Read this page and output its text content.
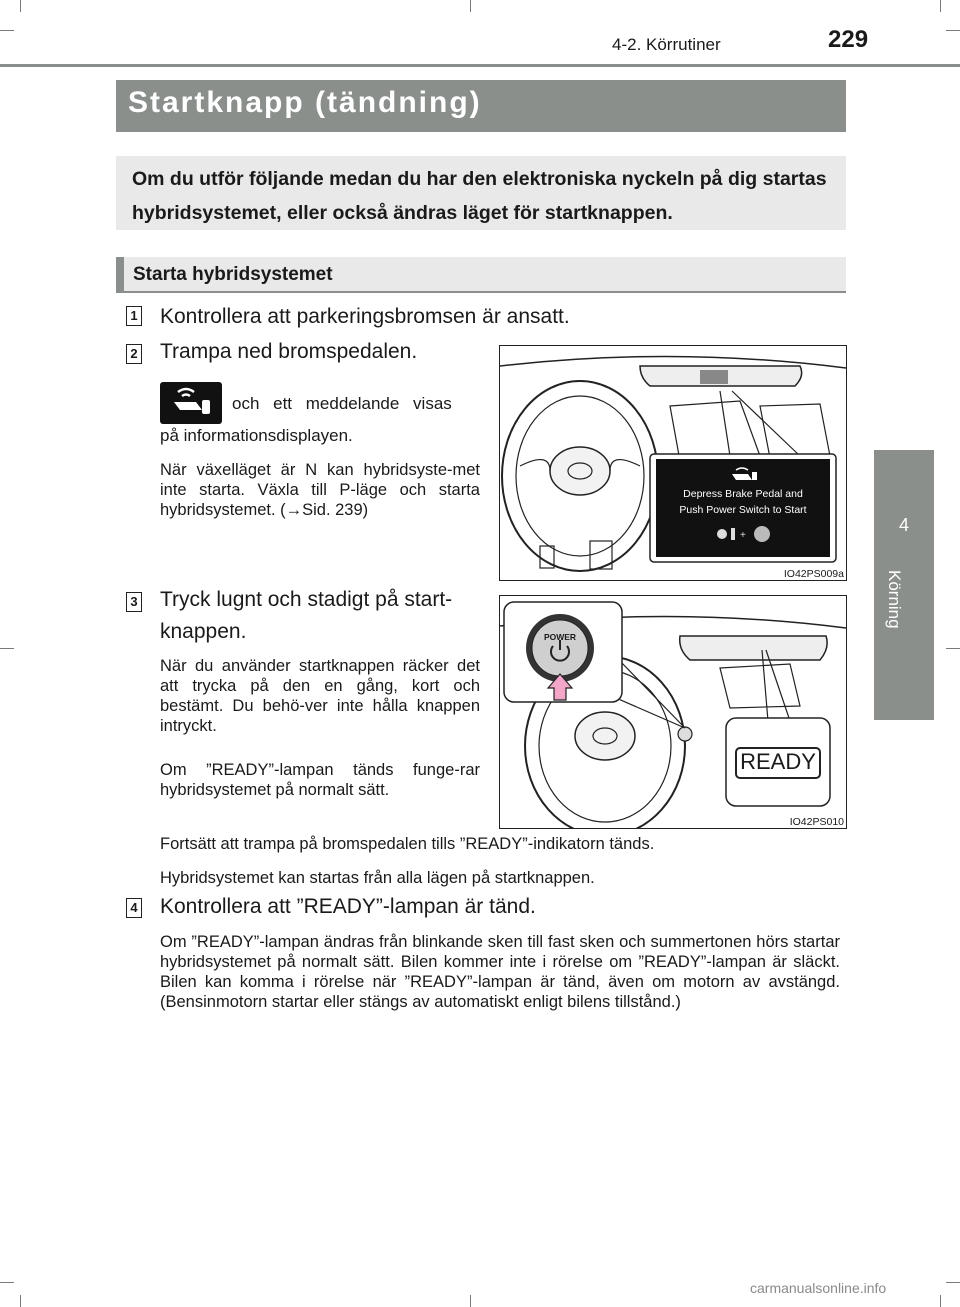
4-2. Körrutiner	229
4
Körning
Startknapp (tändning)
Om du utför följande medan du har den elektroniska nyckeln på dig startas hybridsystemet, eller också ändras läget för startknappen.
Starta hybridsystemet
1 Kontrollera att parkeringsbromsen är ansatt.
2 Trampa ned bromspedalen.
och ett meddelande visas
på informationsdisplayen.
När växelläget är N kan hybridsyste-met inte starta. Växla till P-läge och starta hybridsystemet. (→Sid. 239)
+
Depress Brake Pedal and
Push Power Switch to Start
IO42PS009a
3 Tryck lugnt och stadigt på start-
knappen.
När du använder startknappen räcker det att trycka på den en gång, kort och bestämt. Du behö-ver inte hålla knappen intryckt.
Om ”READY”-lampan tänds funge-rar hybridsystemet på normalt sätt.
Fortsätt att trampa på bromspedalen tills ”READY”-indikatorn tänds.
Hybridsystemet kan startas från alla lägen på startknappen.
POWER
READY
IO42PS010
4 Kontrollera att ”READY”-lampan är tänd.
Om ”READY”-lampan ändras från blinkande sken till fast sken och summertonen hörs startar hybridsystemet på normalt sätt. Bilen kommer inte i rörelse om ”READY”-lampan är släckt. Bilen kan komma i rörelse när ”READY”-lampan är tänd, även om motorn av avstängd. (Bensinmotorn startar eller stängs av automatiskt enligt bilens tillstånd.)
carmanualsonline.info
